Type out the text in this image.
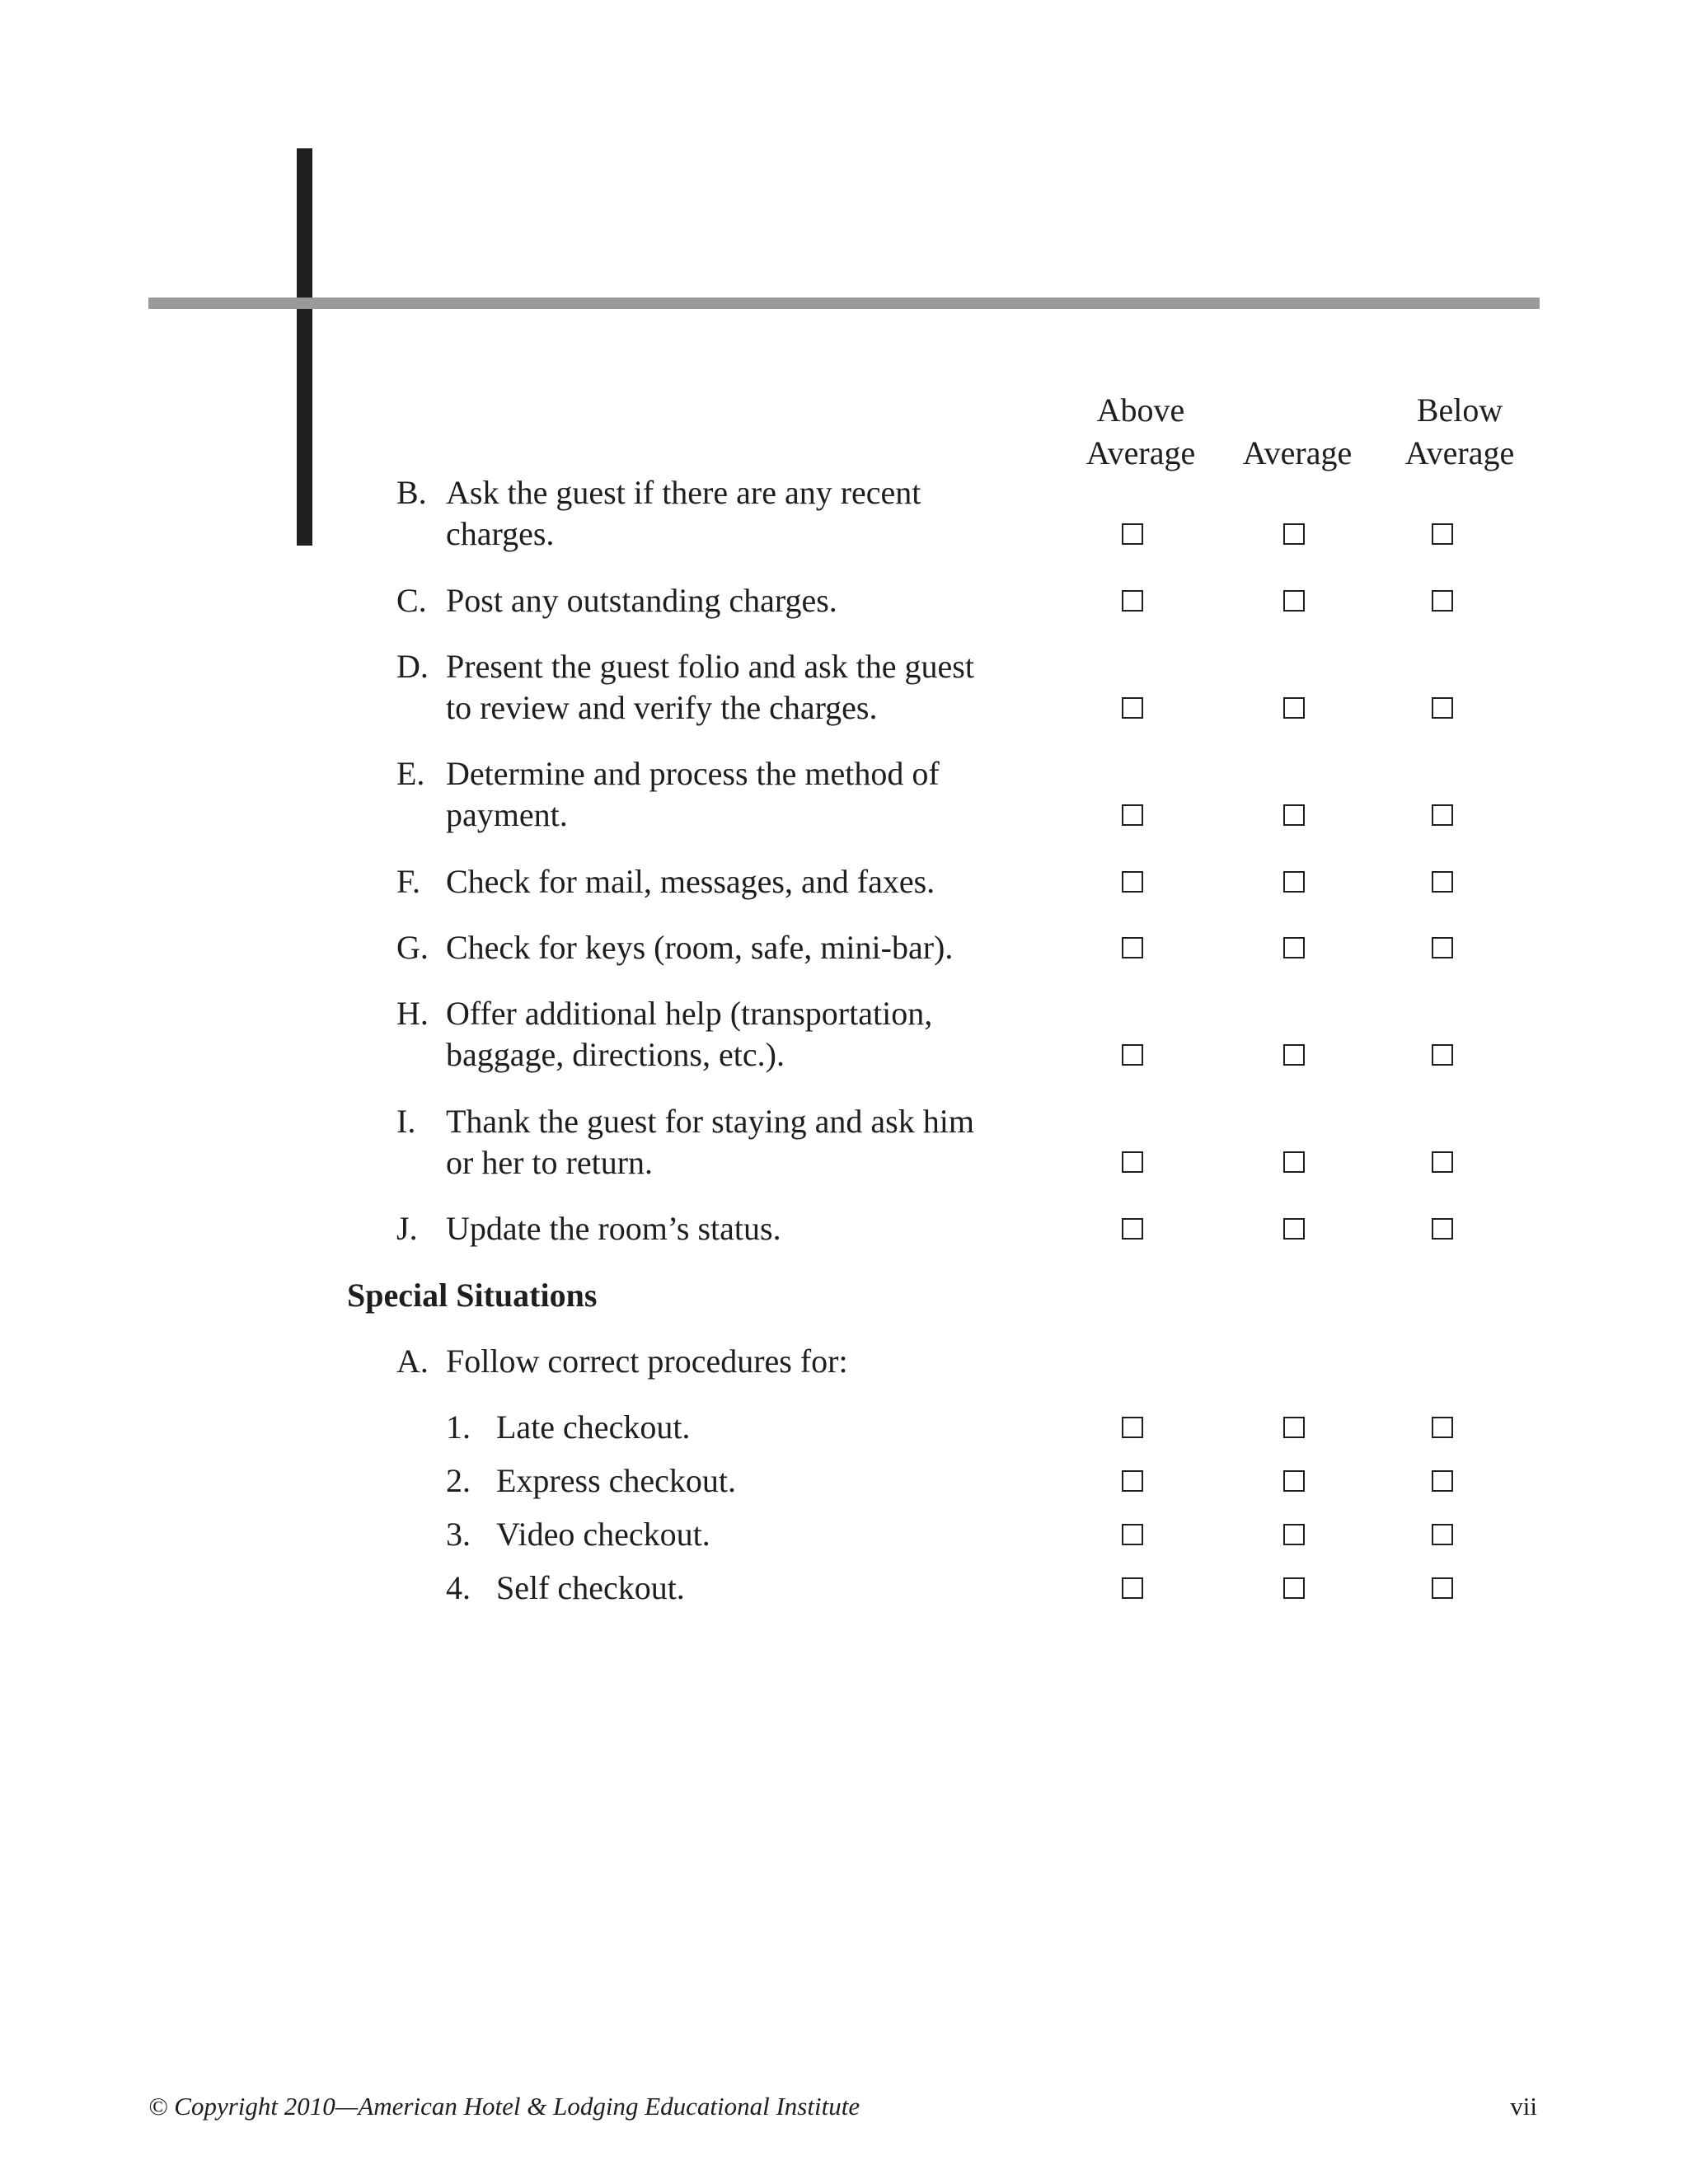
Above
Average	Average
Below
Average
B. Ask the guest if there are any recent
charges.
C. Post any outstanding charges.
D. Present the guest folio and ask the guest
to review and verify the charges.
E. Determine and process the method of
payment.
F. Check for mail, messages, and faxes.
G. Check for keys (room, safe, mini-bar).
H. Offer additional help (transportation,
baggage, directions, etc.).
I. Thank the guest for staying and ask him
or her to return.
J. Update the room’s status.
Special Situations
A. Follow correct procedures for:
1. Late checkout.
2. Express checkout.
3. Video checkout.
4. Self checkout.
© Copyright 2010—American Hotel & Lodging Educational Institute	vii
